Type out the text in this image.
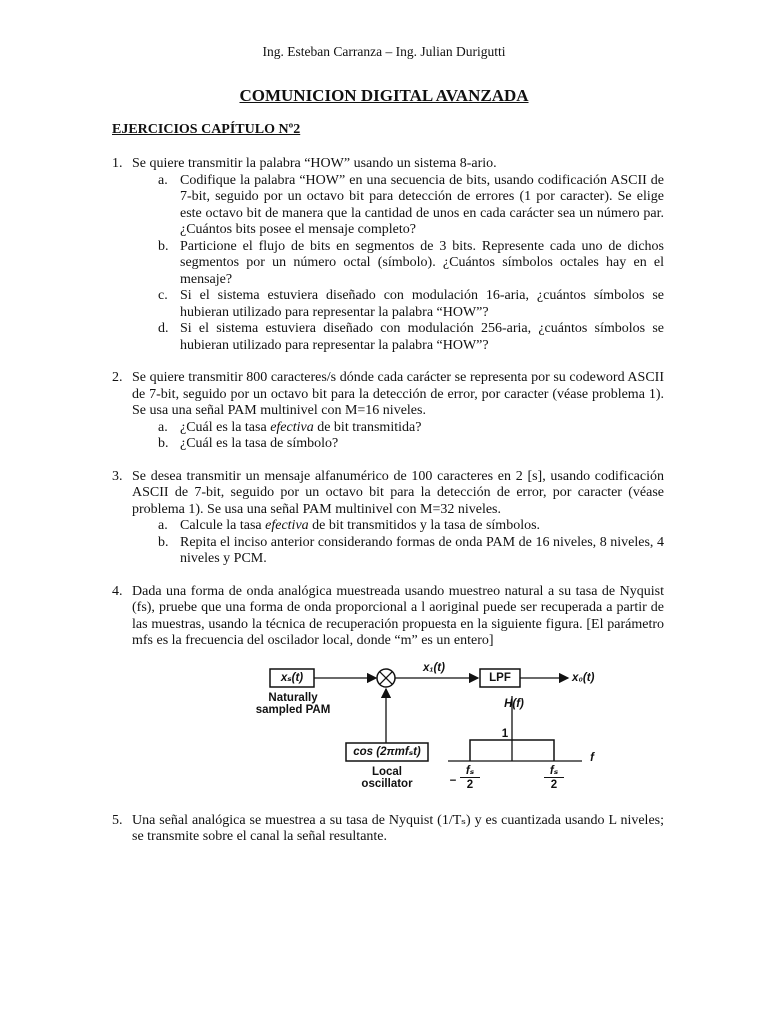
Ing. Esteban Carranza – Ing. Julian Durigutti
COMUNICION DIGITAL AVANZADA
EJERCICIOS CAPÍTULO Nº2
1. Se quiere transmitir la palabra “HOW” usando un sistema 8-ario.
a. Codifique la palabra “HOW” en una secuencia de bits, usando codificación ASCII de 7-bit, seguido por un octavo bit para detección de errores (1 por caracter). Se elige este octavo bit de manera que la cantidad de unos en cada carácter sea un número par.¿Cuántos bits posee el mensaje completo?
b. Particione el flujo de bits en segmentos de 3 bits. Represente cada uno de dichos segmentos por un número octal (símbolo). ¿Cuántos símbolos octales hay en el mensaje?
c. Si el sistema estuviera diseñado con modulación 16-aria, ¿cuántos símbolos se hubieran utilizado para representar la palabra “HOW”?
d. Si el sistema estuviera diseñado con modulación 256-aria, ¿cuántos símbolos se hubieran utilizado para representar la palabra “HOW”?
2. Se quiere transmitir 800 caracteres/s dónde cada carácter se representa por su codeword ASCII de 7-bit, seguido por un octavo bit para la detección de error, por caracter (véase problema 1). Se usa una señal PAM multinivel con M=16 niveles.
a. ¿Cuál es la tasa efectiva de bit transmitida?
b. ¿Cuál es la tasa de símbolo?
3. Se desea transmitir un mensaje alfanumérico de 100 caracteres en 2 [s], usando codificación ASCII de 7-bit, seguido por un octavo bit para la detección de error, por caracter (véase problema 1). Se usa una señal PAM multinivel con M=32 niveles.
a. Calcule la tasa efectiva de bit transmitidos y la tasa de símbolos.
b. Repita el inciso anterior considerando formas de onda PAM de 16 niveles, 8 niveles, 4 niveles y PCM.
4. Dada una forma de onda analógica muestreada usando muestreo natural a su tasa de Nyquist (fs), pruebe que una forma de onda proporcional a l aoriginal puede ser recuperada a partir de las muestras, usando la técnica de recuperación propuesta en la siguiente figura. [El parámetro mfs es la frecuencia del oscilador local, donde “m” es un entero]
xₛ(t)
Naturally
sampled PAM
x₁(t)
LPF	x₀(t)
H(f)
1
f
cos (2πmfₛt)
Local
oscillator	−
fₛ
2
fₛ
2
5. Una señal analógica se muestrea a su tasa de Nyquist (1/Tₛ) y es cuantizada usando L niveles; se transmite sobre el canal la señal resultante.
